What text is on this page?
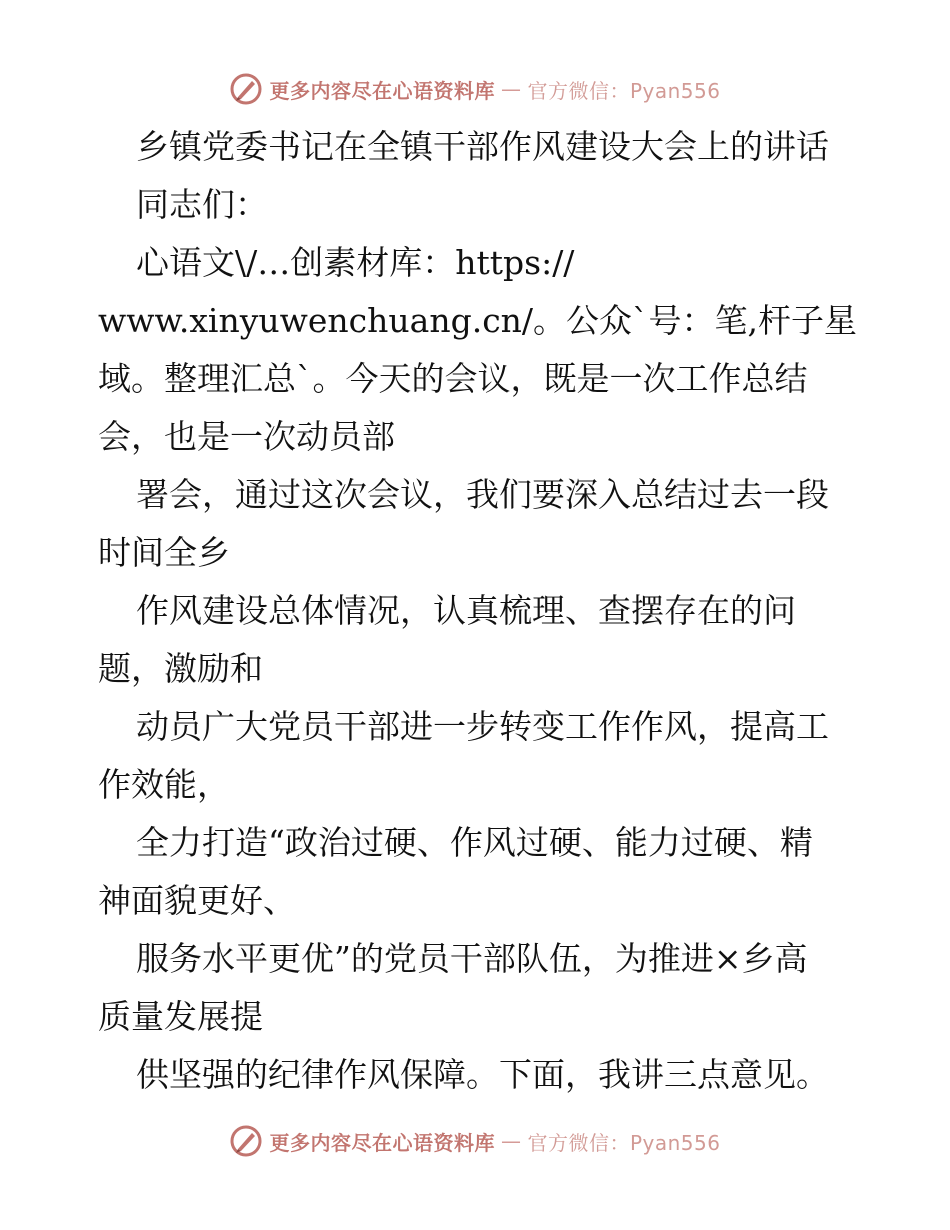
更多内容尽在心语资料库 — 官方微信：Pyan556
乡镇党委书记在全镇干部作风建设大会上的讲话
同志们：
心语文\/…创素材库：https://
www.xinyuwenchuang.cn/。公众`号：笔,杆子星
域。整理汇总`。今天的会议，既是一次工作总结
会，也是一次动员部
署会，通过这次会议，我们要深入总结过去一段
时间全乡
作风建设总体情况，认真梳理、查摆存在的问
题，激励和
动员广大党员干部进一步转变工作作风，提高工
作效能，
全力打造“政治过硬、作风过硬、能力过硬、精
神面貌更好、
服务水平更优”的党员干部队伍，为推进×乡高
质量发展提
供坚强的纪律作风保障。下面，我讲三点意见。
更多内容尽在心语资料库 — 官方微信：Pyan556
